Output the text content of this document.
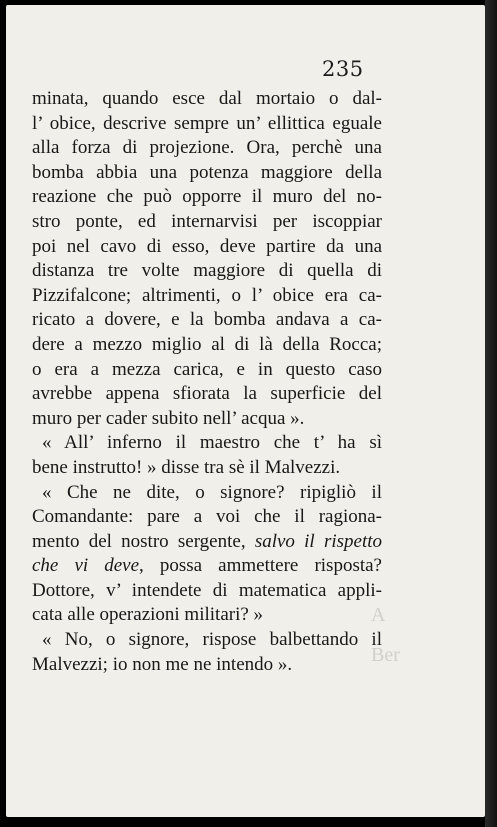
235
minata, quando esce dal mortaio o dal-
l’ obice, descrive sempre un’ ellittica eguale
alla forza di projezione. Ora, perchè una
bomba abbia una potenza maggiore della
reazione che può opporre il muro del no-
stro ponte, ed internarvisi per iscoppiar
poi nel cavo di esso, deve partire da una
distanza tre volte maggiore di quella di
Pizzifalcone; altrimenti, o l’ obice era ca-
ricato a dovere, e la bomba andava a ca-
dere a mezzo miglio al di là della Rocca;
o era a mezza carica, e in questo caso
avrebbe appena sfiorata la superficie del
muro per cader subito nell’ acqua ».
« All’ inferno il maestro che t’ ha sì
bene instrutto! » disse tra sè il Malvezzi.
« Che ne dite, o signore? ripigliò il
Comandante: pare a voi che il ragiona-
mento del nostro sergente, salvo il rispetto
che vi deve, possa ammettere risposta?
Dottore, v’ intendete di matematica appli-
cata alle operazioni militari? »
« No, o signore, rispose balbettando il
Malvezzi; io non me ne intendo ».
A
Ber
